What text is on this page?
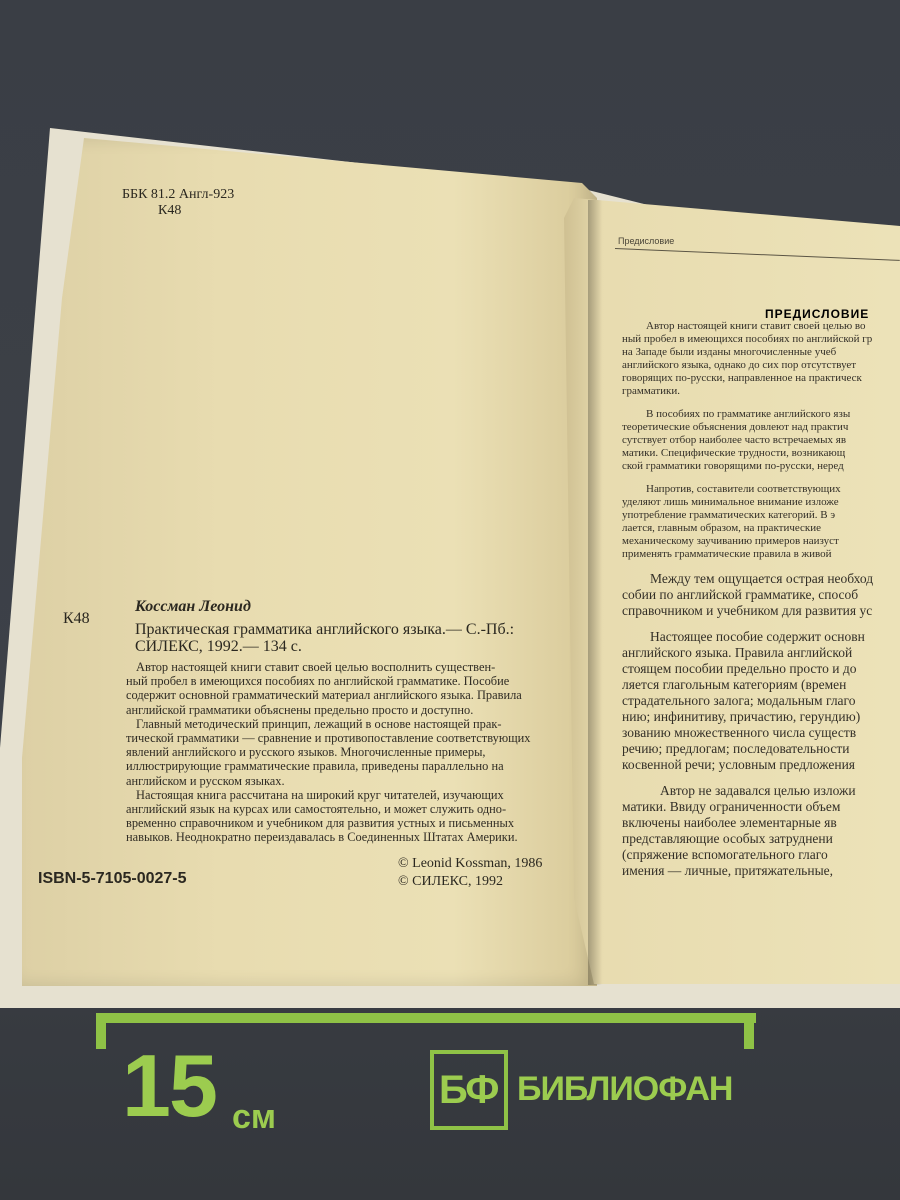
ББК 81.2 Англ-923
К48
Коссман Леонид
К48
Практическая грамматика английского языка.— С.-Пб.:
СИЛЕКС, 1992.— 134 с.
Автор настоящей книги ставит своей целью восполнить существен-
ный пробел в имеющихся пособиях по английской грамматике. Пособие
содержит основной грамматический материал английского языка. Правила
английской грамматики объяснены предельно просто и доступно.
Главный методический принцип, лежащий в основе настоящей прак-
тической грамматики — сравнение и противопоставление соответствующих
явлений английского и русского языков. Многочисленные примеры,
иллюстрирующие грамматические правила, приведены параллельно на
английском и русском языках.
Настоящая книга рассчитана на широкий круг читателей, изучающих
английский язык на курсах или самостоятельно, и может служить одно-
временно справочником и учебником для развития устных и письменных
навыков. Неоднократно переиздавалась в Соединенных Штатах Америки.
© Leonid Kossman, 1986
© СИЛЕКС, 1992
ISBN-5-7105-0027-5
Предисловие
ПРЕДИСЛОВИЕ
Автор настоящей книги ставит своей целью во
ный пробел в имеющихся пособиях по английской гр
на Западе были изданы многочисленные учеб
английского языка, однако до сих пор отсутствует
говорящих по-русски, направленное на практическ
грамматики.
В пособиях по грамматике английского язы
теоретические объяснения довлеют над практич
сутствует отбор наиболее часто встречаемых яв
матики. Специфические трудности, возникающ
ской грамматики говорящими по-русски, неред
Напротив, составители соответствующих
уделяют лишь минимальное внимание изложе
употребление грамматических категорий. В э
лается, главным образом, на практические
механическому заучиванию примеров наизуст
применять грамматические правила в живой
Между тем ощущается острая необход
собии по английской грамматике, способ
справочником и учебником для развития ус
Настоящее пособие содержит основн
английского языка. Правила английской
стоящем пособии предельно просто и до
ляется глагольным категориям (времен
страдательного залога; модальным глаго
нию; инфинитиву, причастию, герундию)
зованию множественного числа существ
речию; предлогам; последовательности
косвенной речи; условным предложения
Автор не задавался целью изложи
матики. Ввиду ограниченности объем
включены наиболее элементарные яв
представляющие особых затруднени
(спряжение вспомогательного глаго
имения — личные, притяжательные,
15 см
БФ БИБЛИОФАН
